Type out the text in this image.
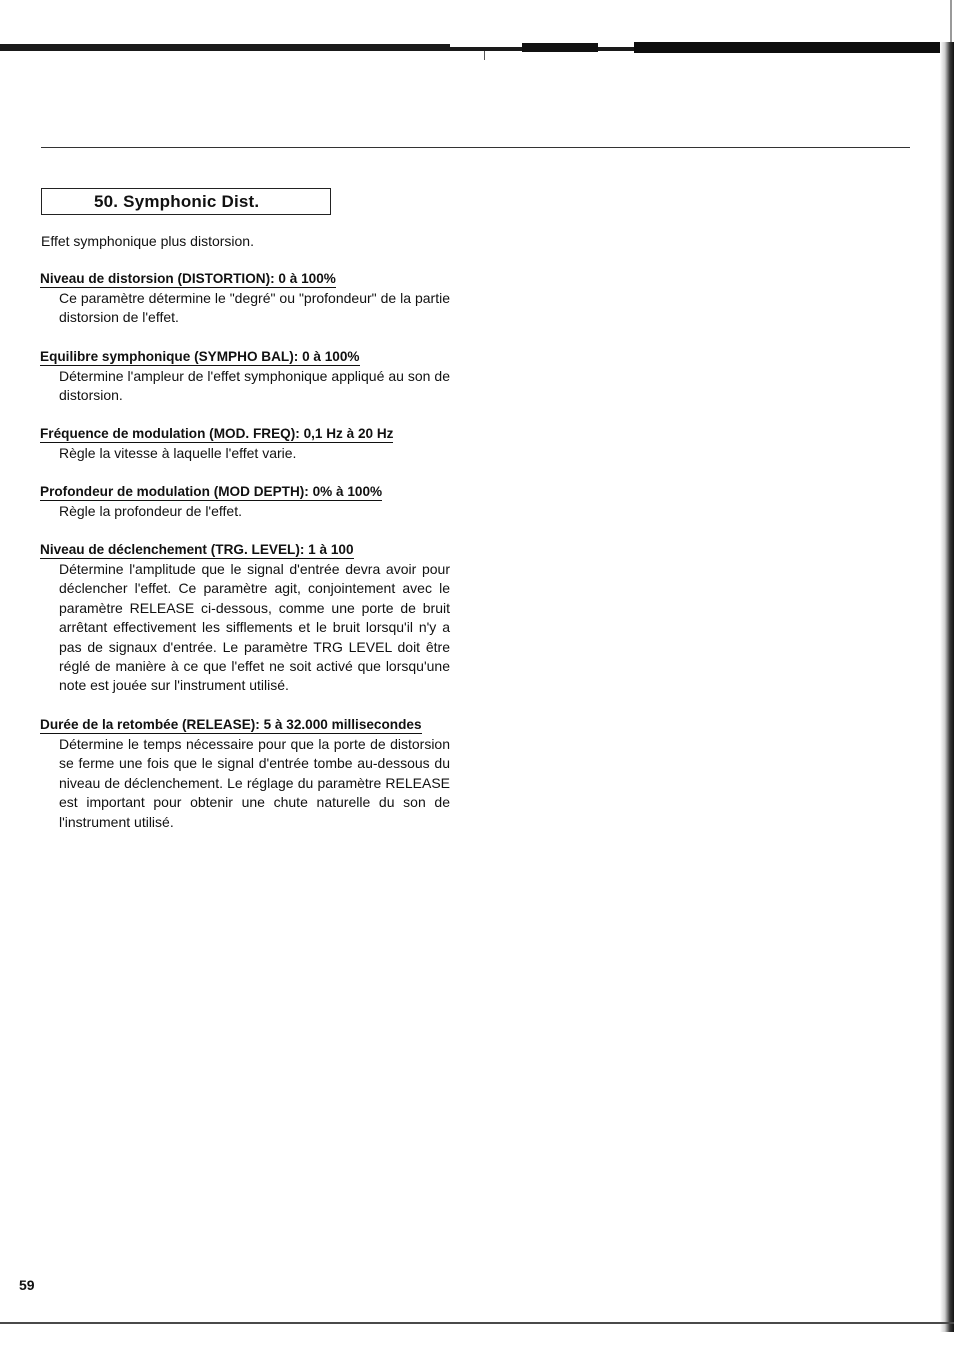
50. Symphonic Dist.
Effet symphonique plus distorsion.
Niveau de distorsion (DISTORTION): 0 à 100%
Ce paramètre détermine le "degré" ou "profondeur" de la partie distorsion de l'effet.
Equilibre symphonique (SYMPHO BAL): 0 à 100%
Détermine l'ampleur de l'effet symphonique appliqué au son de distorsion.
Fréquence de modulation (MOD. FREQ): 0,1 Hz à 20 Hz
Règle la vitesse à laquelle l'effet varie.
Profondeur de modulation (MOD DEPTH): 0% à 100%
Règle la profondeur de l'effet.
Niveau de déclenchement (TRG. LEVEL): 1 à 100
Détermine l'amplitude que le signal d'entrée devra avoir pour déclencher l'effet. Ce paramètre agit, conjointement avec le paramètre RELEASE ci-dessous, comme une porte de bruit arrêtant effectivement les sifflements et le bruit lorsqu'il n'y a pas de signaux d'entrée. Le paramètre TRG LEVEL doit être réglé de manière à ce que l'effet ne soit activé que lorsqu'une note est jouée sur l'instrument utilisé.
Durée de la retombée (RELEASE): 5 à 32.000 millisecondes
Détermine le temps nécessaire pour que la porte de distorsion se ferme une fois que le signal d'entrée tombe au-dessous du niveau de déclenchement. Le réglage du paramètre RELEASE est important pour obtenir une chute naturelle du son de l'instrument utilisé.
59
